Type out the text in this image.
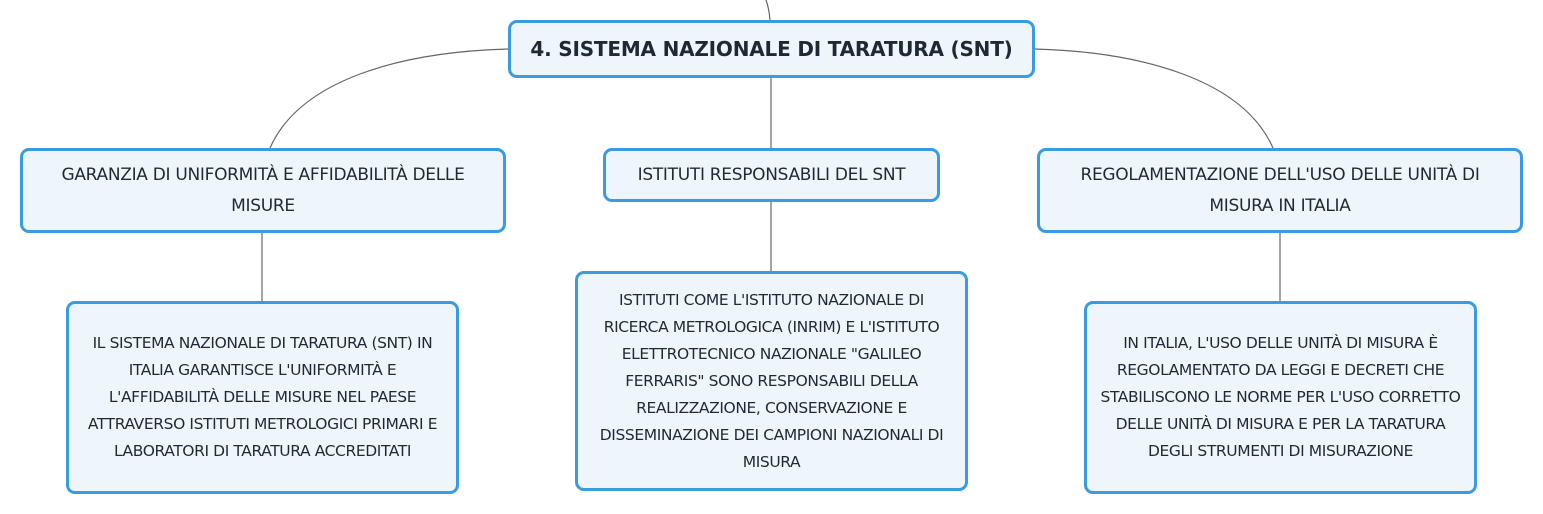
4. SISTEMA NAZIONALE DI TARATURA (SNT)
GARANZIA DI UNIFORMITÀ E AFFIDABILITÀ DELLE MISURE
ISTITUTI RESPONSABILI DEL SNT	REGOLAMENTAZIONE DELL'USO DELLE UNITÀ DI MISURA IN ITALIA
IL SISTEMA NAZIONALE DI TARATURA (SNT) IN ITALIA GARANTISCE L'UNIFORMITÀ E L'AFFIDABILITÀ DELLE MISURE NEL PAESE ATTRAVERSO ISTITUTI METROLOGICI PRIMARI E LABORATORI DI TARATURA ACCREDITATI
ISTITUTI COME L'ISTITUTO NAZIONALE DI RICERCA METROLOGICA (INRIM) E L'ISTITUTO ELETTROTECNICO NAZIONALE "GALILEO FERRARIS" SONO RESPONSABILI DELLA REALIZZAZIONE, CONSERVAZIONE E DISSEMINAZIONE DEI CAMPIONI NAZIONALI DI MISURA
IN ITALIA, L'USO DELLE UNITÀ DI MISURA È REGOLAMENTATO DA LEGGI E DECRETI CHE STABILISCONO LE NORME PER L'USO CORRETTO DELLE UNITÀ DI MISURA E PER LA TARATURA DEGLI STRUMENTI DI MISURAZIONE
